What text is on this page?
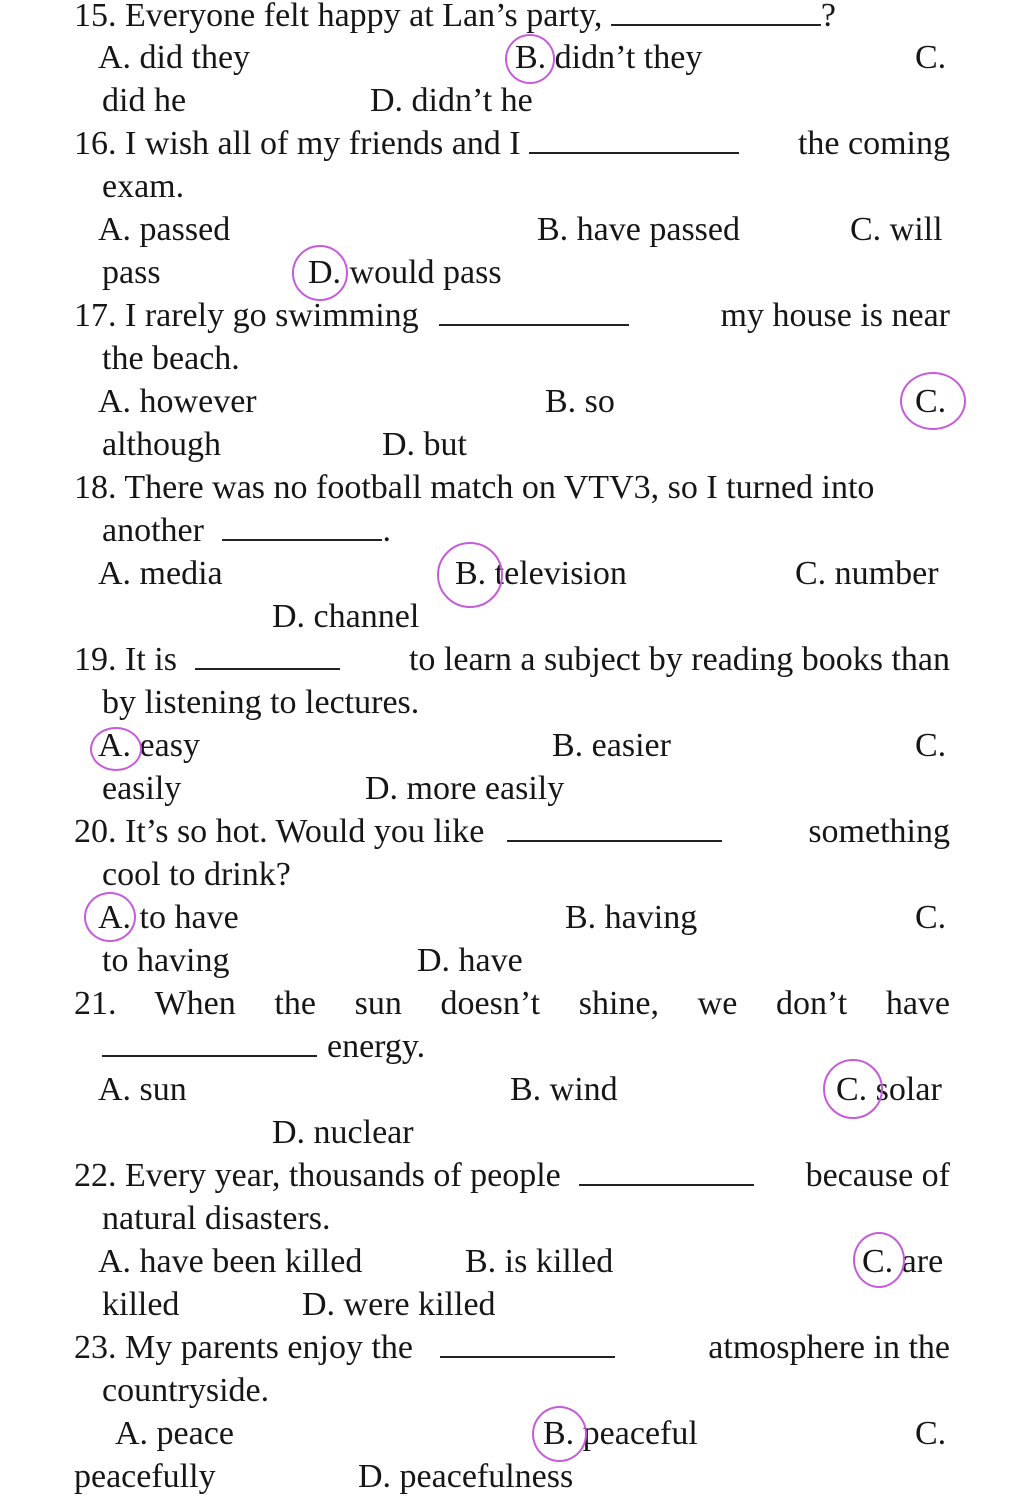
15. Everyone felt happy at Lan’s party,	?
A. did they	B. didn’t they	C.
did he	D. didn’t he
16. I wish all of my friends and I	the coming
exam.
A. passed	B. have passed	C. will
pass	D. would pass
17. I rarely go swimming	my house is near
the beach.
A. however	B. so	C.
although	D. but
18. There was no football match on VTV3, so I turned into
another	.
A. media	B. television	C. number
D. channel
19. It is	to learn a subject by reading books than
by listening to lectures.
A. easy	B. easier	C.
easily	D. more easily
20. It’s so hot. Would you like	something
cool to drink?
A. to have	B. having	C.
to having	D. have
21. When the sun doesn’t shine, we don’t have
energy.
A. sun	B. wind	C. solar
D. nuclear
22. Every year, thousands of people	because of
natural disasters.
A. have been killed	B. is killed	C. are
killed	D. were killed
23. My parents enjoy the	atmosphere in the
countryside.
A. peace	B. peaceful	C.
peacefully	D. peacefulness
